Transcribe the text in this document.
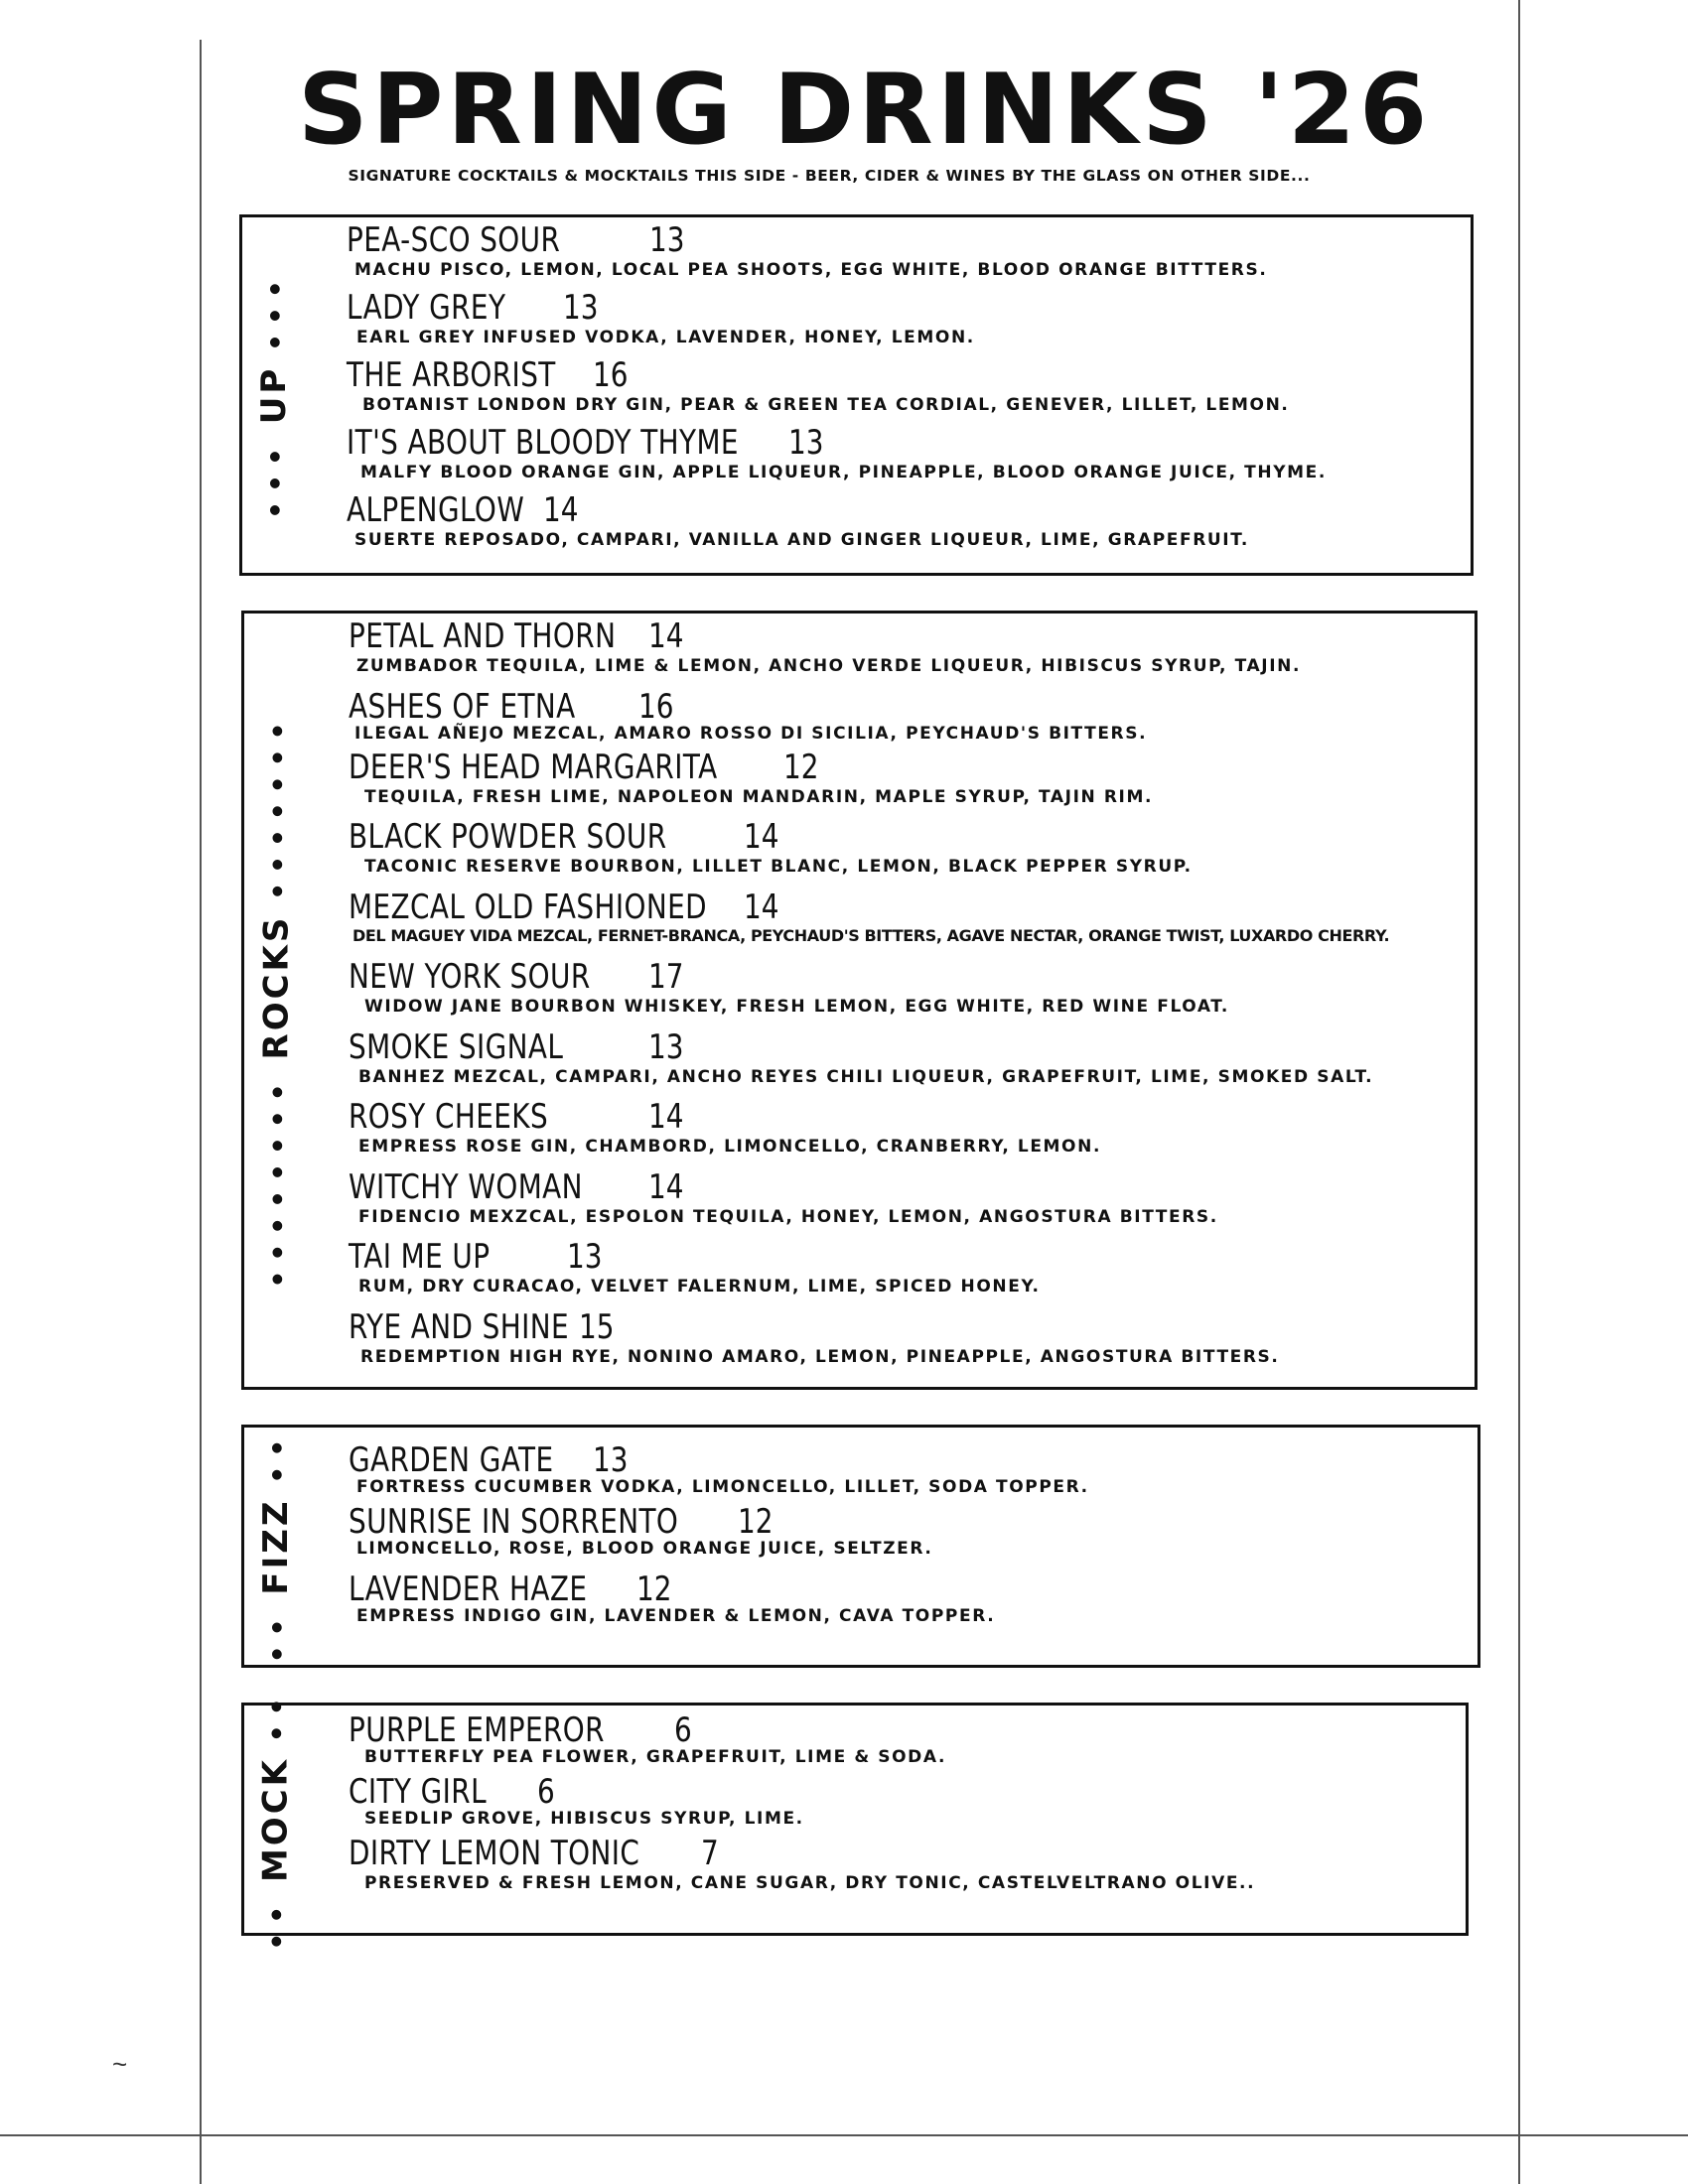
~
SPRING DRINKS '26
SIGNATURE COCKTAILS & MOCKTAILS THIS SIDE - BEER, CIDER & WINES BY THE GLASS ON OTHER SIDE...
••• UP •••
PEA-SCO SOUR	13
MACHU PISCO, LEMON, LOCAL PEA SHOOTS, EGG WHITE, BLOOD ORANGE BITTTERS.
LADY GREY 13
EARL GREY INFUSED VODKA, LAVENDER, HONEY, LEMON.
THE ARBORIST 16
BOTANIST LONDON DRY GIN, PEAR & GREEN TEA CORDIAL, GENEVER, LILLET, LEMON.
IT'S ABOUT BLOODY THYME 13
MALFY BLOOD ORANGE GIN, APPLE LIQUEUR, PINEAPPLE, BLOOD ORANGE JUICE, THYME.
ALPENGLOW 14
SUERTE REPOSADO, CAMPARI, VANILLA AND GINGER LIQUEUR, LIME, GRAPEFRUIT.
•••••••• ROCKS •••••••
PETAL AND THORN 14
ZUMBADOR TEQUILA, LIME & LEMON, ANCHO VERDE LIQUEUR, HIBISCUS SYRUP, TAJIN.
ASHES OF ETNA 16
ILEGAL AÑEJO MEZCAL, AMARO ROSSO DI SICILIA, PEYCHAUD'S BITTERS.
DEER'S HEAD MARGARITA 12
TEQUILA, FRESH LIME, NAPOLEON MANDARIN, MAPLE SYRUP, TAJIN RIM.
BLACK POWDER SOUR 14
TACONIC RESERVE BOURBON, LILLET BLANC, LEMON, BLACK PEPPER SYRUP.
MEZCAL OLD FASHIONED 14
DEL MAGUEY VIDA MEZCAL, FERNET-BRANCA, PEYCHAUD'S BITTERS, AGAVE NECTAR, ORANGE TWIST, LUXARDO CHERRY.
NEW YORK SOUR 17
WIDOW JANE BOURBON WHISKEY, FRESH LEMON, EGG WHITE, RED WINE FLOAT.
SMOKE SIGNAL	13
BANHEZ MEZCAL, CAMPARI, ANCHO REYES CHILI LIQUEUR, GRAPEFRUIT, LIME, SMOKED SALT.
ROSY CHEEKS	14
EMPRESS ROSE GIN, CHAMBORD, LIMONCELLO, CRANBERRY, LEMON.
WITCHY WOMAN 14
FIDENCIO MEXZCAL, ESPOLON TEQUILA, HONEY, LEMON, ANGOSTURA BITTERS.
TAI ME UP 13
RUM, DRY CURACAO, VELVET FALERNUM, LIME, SPICED HONEY.
RYE AND SHINE 15
REDEMPTION HIGH RYE, NONINO AMARO, LEMON, PINEAPPLE, ANGOSTURA BITTERS.
•• FIZZ •• GARDEN GATE 13
FORTRESS CUCUMBER VODKA, LIMONCELLO, LILLET, SODA TOPPER.
SUNRISE IN SORRENTO 12
LIMONCELLO, ROSE, BLOOD ORANGE JUICE, SELTZER.
LAVENDER HAZE 12
EMPRESS INDIGO GIN, LAVENDER & LEMON, CAVA TOPPER.
•• MOCK •• PURPLE EMPEROR 6
BUTTERFLY PEA FLOWER, GRAPEFRUIT, LIME & SODA.
CITY GIRL 6
SEEDLIP GROVE, HIBISCUS SYRUP, LIME.
DIRTY LEMON TONIC 7
PRESERVED & FRESH LEMON, CANE SUGAR, DRY TONIC, CASTELVELTRANO OLIVE..
